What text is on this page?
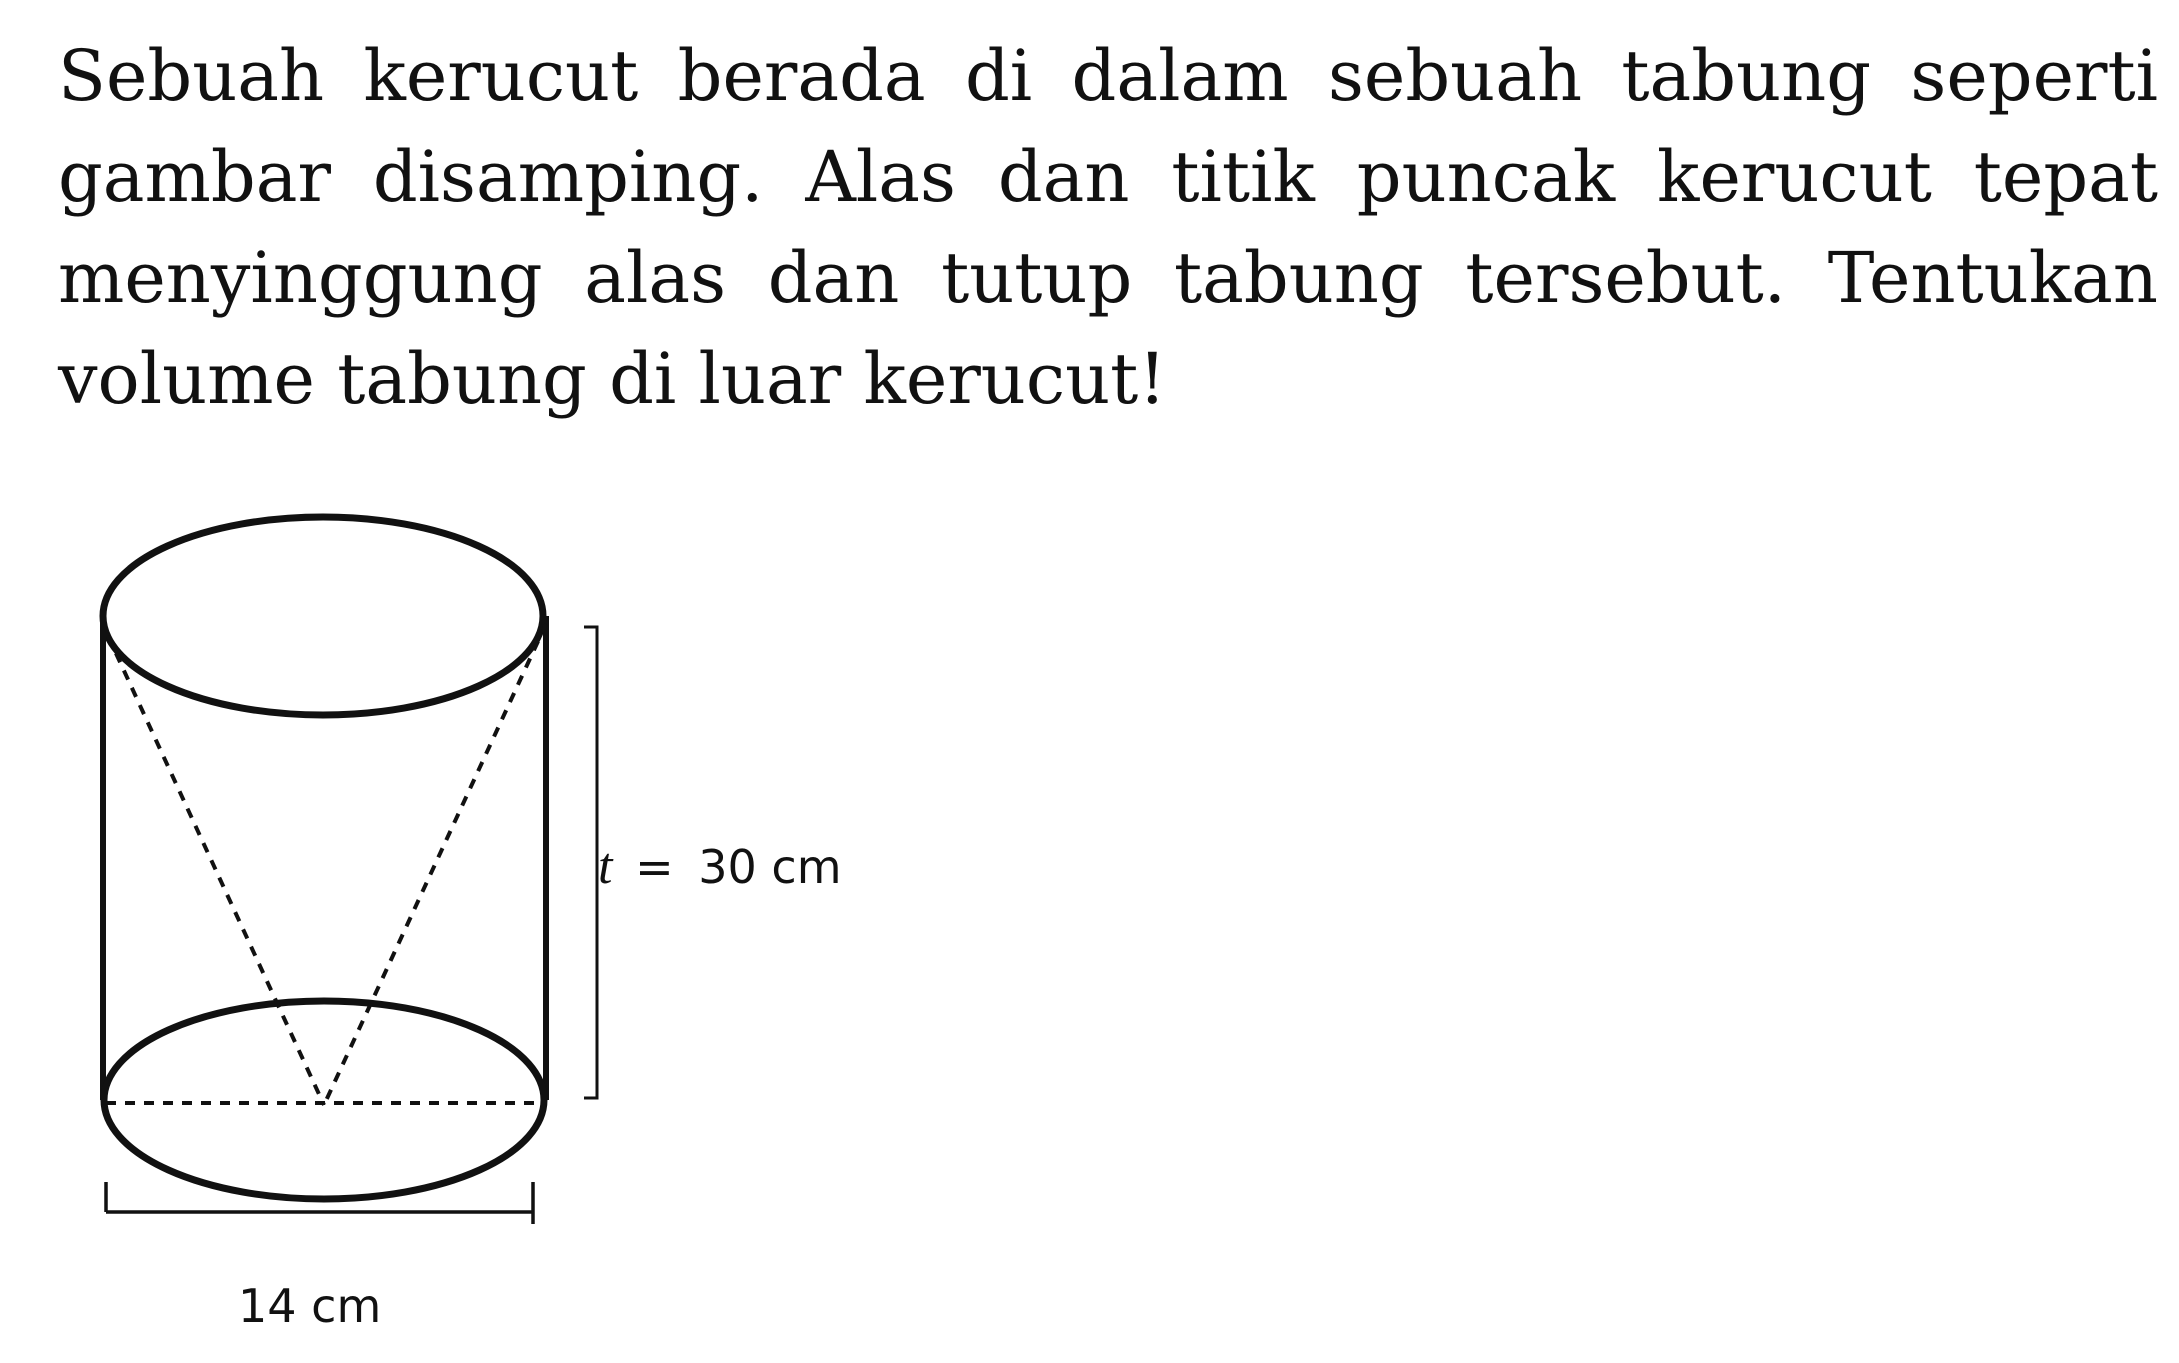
Sebuah kerucut berada di dalam sebuah tabung seperti
gambar disamping. Alas dan titik puncak kerucut tepat
menyinggung alas dan tutup tabung tersebut. Tentukan
volume tabung di luar kerucut!
t = 30 cm
14 cm
